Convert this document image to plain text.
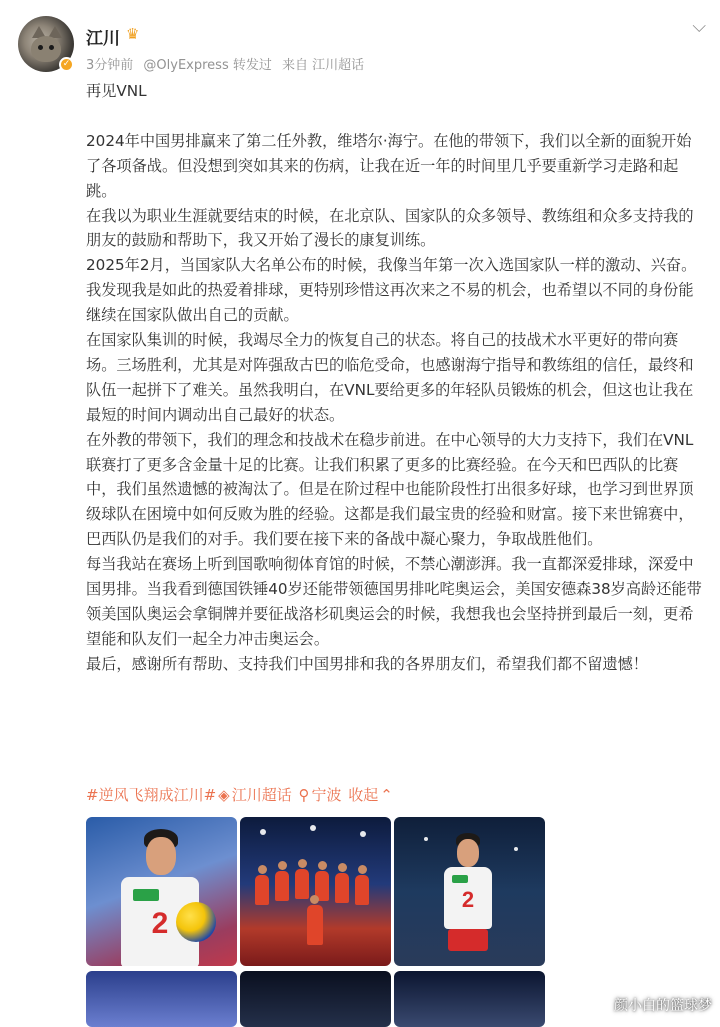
✓
江川 ♛
3分钟前 @OlyExpress 转发过 来自 江川超话
⌵

再见VNL

2024年中国男排赢来了第二任外教，维塔尔·海宁。在他的带领下，我们以全新的面貌开始了各项备战。但没想到突如其来的伤病，让我在近一年的时间里几乎要重新学习走路和起跳。

在我以为职业生涯就要结束的时候，在北京队、国家队的众多领导、教练组和众多支持我的朋友的鼓励和帮助下，我又开始了漫长的康复训练。

2025年2月，当国家队大名单公布的时候，我像当年第一次入选国家队一样的激动、兴奋。我发现我是如此的热爱着排球，更特别珍惜这再次来之不易的机会，也希望以不同的身份能继续在国家队做出自己的贡献。

在国家队集训的时候，我竭尽全力的恢复自己的状态。将自己的技战术水平更好的带向赛场。三场胜利，尤其是对阵强敌古巴的临危受命，也感谢海宁指导和教练组的信任，最终和队伍一起拼下了难关。虽然我明白，在VNL要给更多的年轻队员锻炼的机会，但这也让我在最短的时间内调动出自己最好的状态。

在外教的带领下，我们的理念和技战术在稳步前进。在中心领导的大力支持下，我们在VNL联赛打了更多含金量十足的比赛。让我们积累了更多的比赛经验。在今天和巴西队的比赛中，我们虽然遗憾的被淘汰了。但是在阶过程中也能阶段性打出很多好球，也学习到世界顶级球队在困境中如何反败为胜的经验。这都是我们最宝贵的经验和财富。接下来世锦赛中，巴西队仍是我们的对手。我们要在接下来的备战中凝心聚力，争取战胜他们。

每当我站在赛场上听到国歌响彻体育馆的时候，不禁心潮澎湃。我一直都深爱排球，深爱中国男排。当我看到德国铁锤40岁还能带领德国男排叱咤奥运会，美国安德森38岁高龄还能带领美国队奥运会拿铜牌并要征战洛杉矶奥运会的时候，我想我也会坚持拼到最后一刻，更希望能和队友们一起全力冲击奥运会。

最后，感谢所有帮助、支持我们中国男排和我的各界朋友们，希望我们都不留遗憾！

#逆风飞翔成江川# ◈ 江川超话 ⚲ 宁波 收起 ⌃
2
2
颜小白的篮球梦
